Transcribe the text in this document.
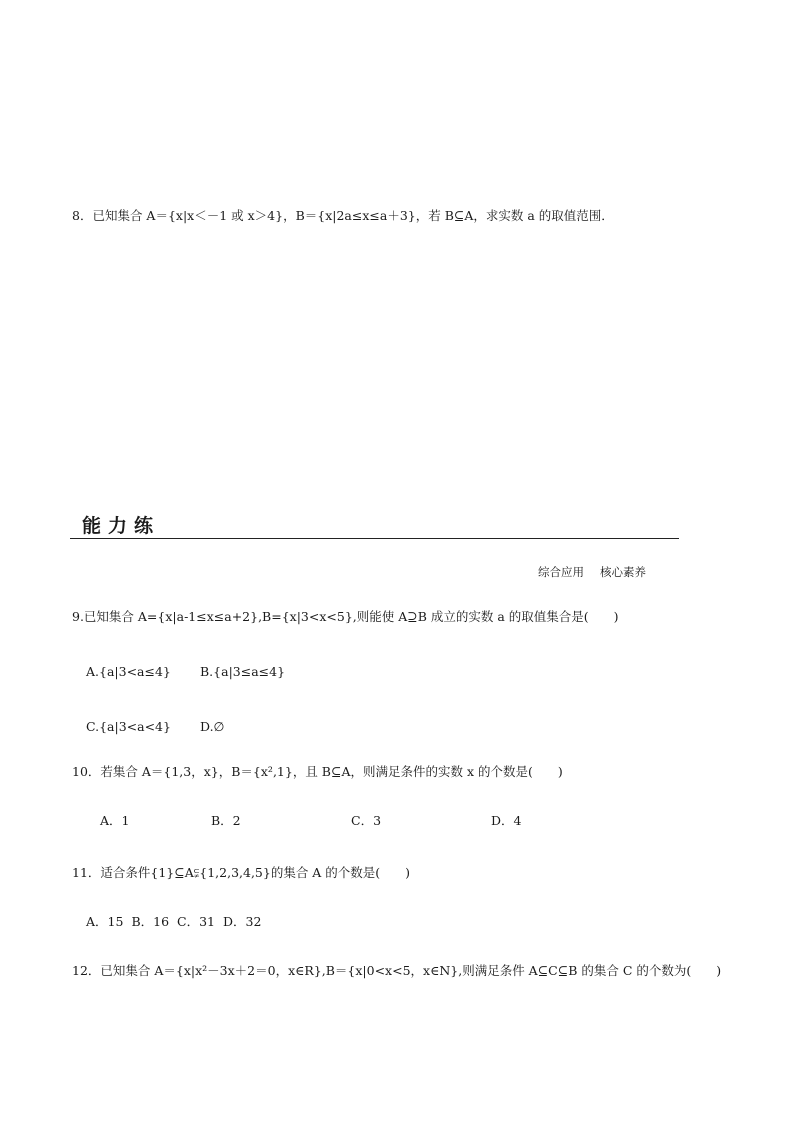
8．已知集合 A＝{x|x＜－1 或 x＞4}，B＝{x|2a≤x≤a＋3}，若 B⊆A，求实数 a 的取值范围．
能力练
综合应用 核心素养
9.已知集合 A={x|a-1≤x≤a+2},B={x|3<x<5},则能使 A⊇B 成立的实数 a 的取值集合是(　　)
A.{a|3<a≤4} B.{a|3≤a≤4}
C.{a|3<a<4} D.∅
10．若集合 A＝{1,3，x}，B＝{x²,1}，且 B⊆A，则满足条件的实数 x 的个数是(　　)
A．1	B．2	C．3	D．4
11．适合条件{1}⊆A⫋{1,2,3,4,5}的集合 A 的个数是(　　)
A．15 B．16 C．31 D．32
12．已知集合 A＝{x|x²－3x＋2＝0，x∈R},B＝{x|0<x<5，x∈N},则满足条件 A⊆C⊆B 的集合 C 的个数为(　　)
